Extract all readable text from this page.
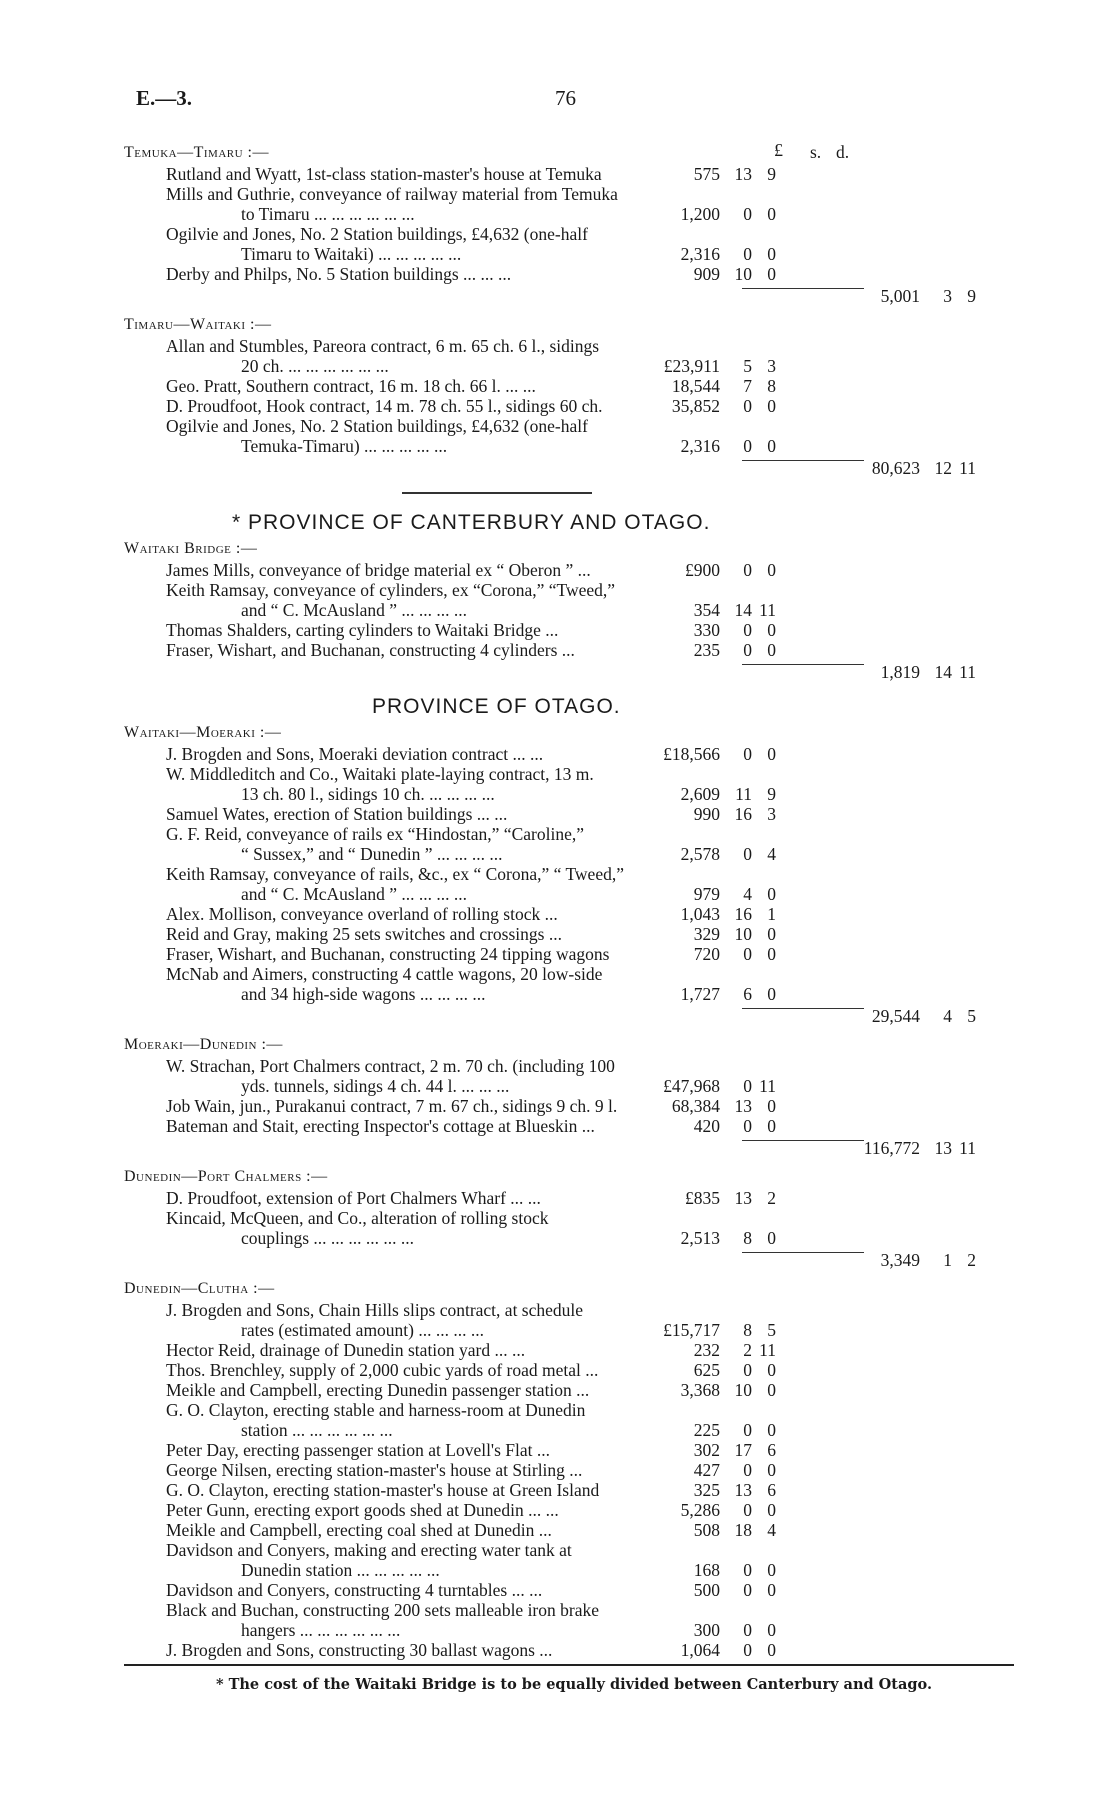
E.—3.	76
£ s. d.
Temuka—Timaru :—
Rutland and Wyatt, 1st-class station-master's house at Temuka	575 13 9
Mills and Guthrie, conveyance of railway material from Temuka
to Timaru ... ... ... ... ... ...	1,200	0 0
Ogilvie and Jones, No. 2 Station buildings, £4,632 (one-half
Timaru to Waitaki) ... ... ... ... ...	2,316	0 0
Derby and Philps, No. 5 Station buildings ... ... ...	909 10 0
5,001	3 9
Timaru—Waitaki :—
Allan and Stumbles, Pareora contract, 6 m. 65 ch. 6 l., sidings
20 ch. ... ... ... ... ... ...	£23,911	5 3
Geo. Pratt, Southern contract, 16 m. 18 ch. 66 l. ... ...	18,544	7 8
D. Proudfoot, Hook contract, 14 m. 78 ch. 55 l., sidings 60 ch.	35,852	0 0
Ogilvie and Jones, No. 2 Station buildings, £4,632 (one-half
Temuka-Timaru) ... ... ... ... ...	2,316	0 0
80,623 12 11
* PROVINCE OF CANTERBURY AND OTAGO.
Waitaki Bridge :—
James Mills, conveyance of bridge material ex “ Oberon ” ...	£900	0 0
Keith Ramsay, conveyance of cylinders, ex “Corona,” “Tweed,”
and “ C. McAusland ” ... ... ... ...	354 14 11
Thomas Shalders, carting cylinders to Waitaki Bridge ...	330	0 0
Fraser, Wishart, and Buchanan, constructing 4 cylinders ...	235	0 0
1,819 14 11
PROVINCE OF OTAGO.
Waitaki—Moeraki :—
J. Brogden and Sons, Moeraki deviation contract ... ...	£18,566	0 0
W. Middleditch and Co., Waitaki plate-laying contract, 13 m.
13 ch. 80 l., sidings 10 ch. ... ... ... ...	2,609 11 9
Samuel Wates, erection of Station buildings ... ...	990 16 3
G. F. Reid, conveyance of rails ex “Hindostan,” “Caroline,”
“ Sussex,” and “ Dunedin ” ... ... ... ...	2,578	0 4
Keith Ramsay, conveyance of rails, &c., ex “ Corona,” “ Tweed,”
and “ C. McAusland ” ... ... ... ...	979	4 0
Alex. Mollison, conveyance overland of rolling stock ...	1,043 16 1
Reid and Gray, making 25 sets switches and crossings ...	329 10 0
Fraser, Wishart, and Buchanan, constructing 24 tipping wagons	720	0 0
McNab and Aimers, constructing 4 cattle wagons, 20 low-side
and 34 high-side wagons ... ... ... ...	1,727	6 0
29,544	4 5
Moeraki—Dunedin :—
W. Strachan, Port Chalmers contract, 2 m. 70 ch. (including 100
yds. tunnels, sidings 4 ch. 44 l. ... ... ...	£47,968	0 11
Job Wain, jun., Purakanui contract, 7 m. 67 ch., sidings 9 ch. 9 l.	68,384 13 0
Bateman and Stait, erecting Inspector's cottage at Blueskin ...	420	0 0
116,772 13 11
Dunedin—Port Chalmers :—
D. Proudfoot, extension of Port Chalmers Wharf ... ...	£835 13 2
Kincaid, McQueen, and Co., alteration of rolling stock
couplings ... ... ... ... ... ...	2,513	8 0
3,349	1 2
Dunedin—Clutha :—
J. Brogden and Sons, Chain Hills slips contract, at schedule
rates (estimated amount) ... ... ... ...	£15,717	8 5
Hector Reid, drainage of Dunedin station yard ... ...	232	2 11
Thos. Brenchley, supply of 2,000 cubic yards of road metal ...	625	0 0
Meikle and Campbell, erecting Dunedin passenger station ...	3,368 10 0
G. O. Clayton, erecting stable and harness-room at Dunedin
station ... ... ... ... ... ...	225	0 0
Peter Day, erecting passenger station at Lovell's Flat ...	302 17 6
George Nilsen, erecting station-master's house at Stirling ...	427	0 0
G. O. Clayton, erecting station-master's house at Green Island	325 13 6
Peter Gunn, erecting export goods shed at Dunedin ... ...	5,286	0 0
Meikle and Campbell, erecting coal shed at Dunedin ...	508 18 4
Davidson and Conyers, making and erecting water tank at
Dunedin station ... ... ... ... ...	168	0 0
Davidson and Conyers, constructing 4 turntables ... ...	500	0 0
Black and Buchan, constructing 200 sets malleable iron brake
hangers ... ... ... ... ... ...	300	0 0
J. Brogden and Sons, constructing 30 ballast wagons ...	1,064	0 0
* The cost of the Waitaki Bridge is to be equally divided between Canterbury and Otago.
